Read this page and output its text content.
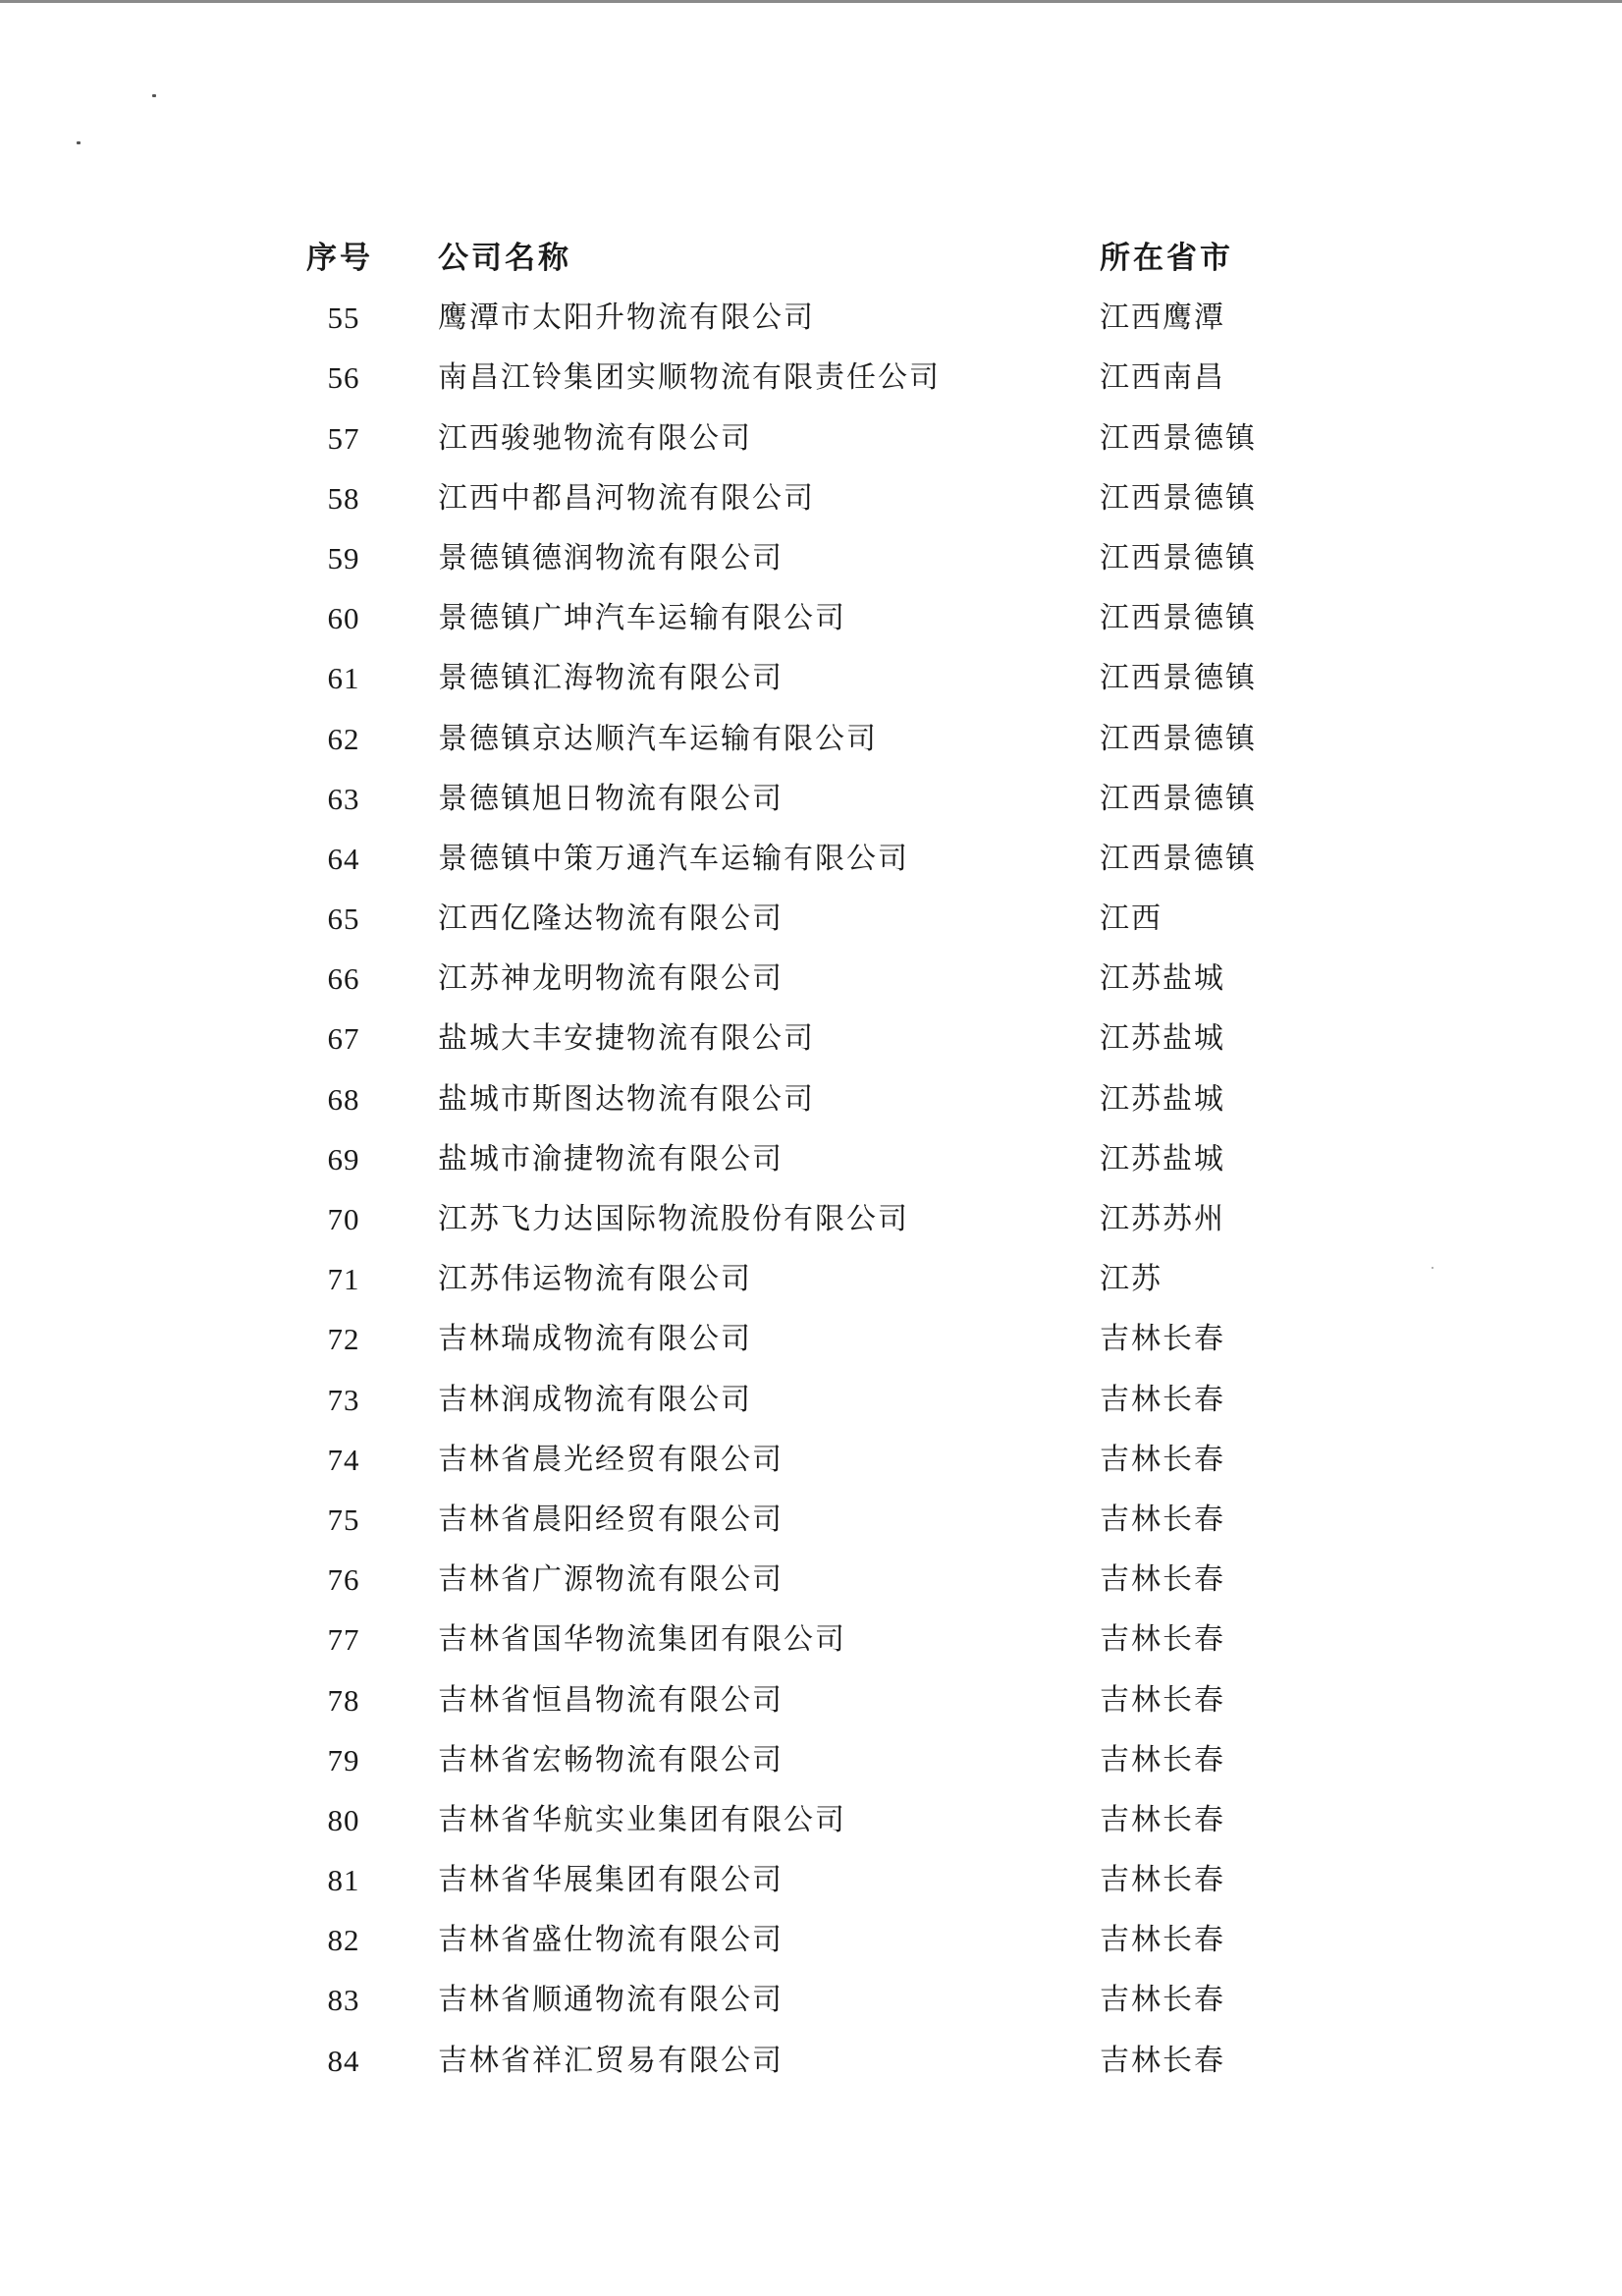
序号 公司名称	所在省市
55	鹰潭市太阳升物流有限公司	江西鹰潭
56	南昌江铃集团实顺物流有限责任公司	江西南昌
57	江西骏驰物流有限公司	江西景德镇
58	江西中都昌河物流有限公司	江西景德镇
59	景德镇德润物流有限公司	江西景德镇
60	景德镇广坤汽车运输有限公司	江西景德镇
61	景德镇汇海物流有限公司	江西景德镇
62	景德镇京达顺汽车运输有限公司	江西景德镇
63	景德镇旭日物流有限公司	江西景德镇
64	景德镇中策万通汽车运输有限公司	江西景德镇
65	江西亿隆达物流有限公司	江西
66	江苏神龙明物流有限公司	江苏盐城
67	盐城大丰安捷物流有限公司	江苏盐城
68	盐城市斯图达物流有限公司	江苏盐城
69	盐城市渝捷物流有限公司	江苏盐城
70	江苏飞力达国际物流股份有限公司	江苏苏州
71	江苏伟运物流有限公司	江苏
72	吉林瑞成物流有限公司	吉林长春
73	吉林润成物流有限公司	吉林长春
74	吉林省晨光经贸有限公司	吉林长春
75	吉林省晨阳经贸有限公司	吉林长春
76	吉林省广源物流有限公司	吉林长春
77	吉林省国华物流集团有限公司	吉林长春
78	吉林省恒昌物流有限公司	吉林长春
79	吉林省宏畅物流有限公司	吉林长春
80	吉林省华航实业集团有限公司	吉林长春
81	吉林省华展集团有限公司	吉林长春
82	吉林省盛仕物流有限公司	吉林长春
83	吉林省顺通物流有限公司	吉林长春
84	吉林省祥汇贸易有限公司	吉林长春
